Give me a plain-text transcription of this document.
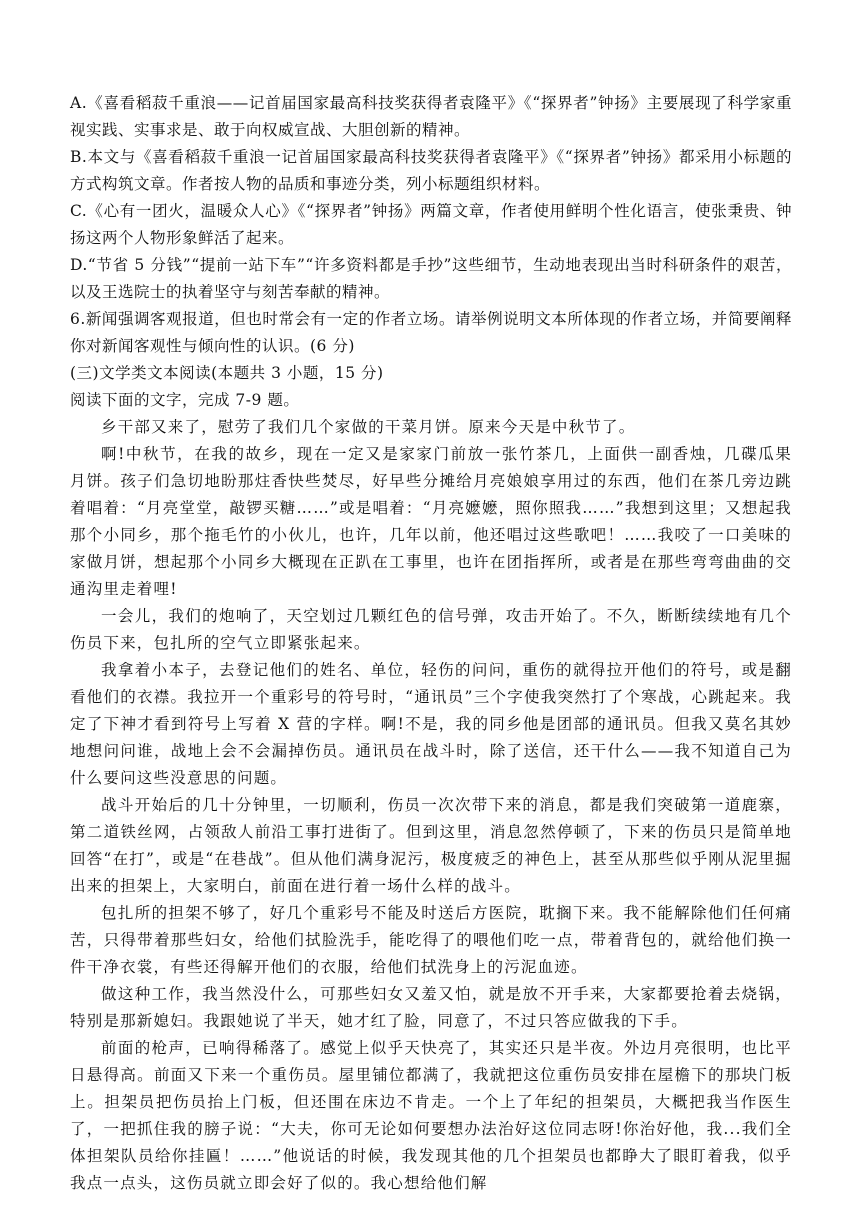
A.《喜看稻菽千重浪——记首届国家最高科技奖获得者袁隆平》《“探界者”钟扬》主要展现了科学家重视实践、实事求是、敢于向权威宣战、大胆创新的精神。

B.本文与《喜看稻菽千重浪一记首届国家最高科技奖获得者袁隆平》《“探界者”钟扬》都采用小标题的方式构筑文章。作者按人物的品质和事迹分类，列小标题组织材料。

C.《心有一团火，温暖众人心》《“探界者”钟扬》两篇文章，作者使用鲜明个性化语言，使张秉贵、钟扬这两个人物形象鲜活了起来。

D.“节省 5 分钱”“提前一站下车”“许多资料都是手抄”这些细节，生动地表现出当时科研条件的艰苦，以及王选院士的执着坚守与刻苦奉献的精神。

6.新闻强调客观报道，但也时常会有一定的作者立场。请举例说明文本所体现的作者立场，并简要阐释你对新闻客观性与倾向性的认识。(6 分)

(三)文学类文本阅读(本题共 3 小题，15 分)

阅读下面的文字，完成 7-9 题。

乡干部又来了，慰劳了我们几个家做的干菜月饼。原来今天是中秋节了。

啊!中秋节，在我的故乡，现在一定又是家家门前放一张竹茶几，上面供一副香烛，几碟瓜果月饼。孩子们急切地盼那炷香快些焚尽，好早些分摊给月亮娘娘享用过的东西，他们在茶几旁边跳着唱着：“月亮堂堂，敲锣买糖……”或是唱着：“月亮嬷嬷，照你照我……”我想到这里；又想起我那个小同乡，那个拖毛竹的小伙儿，也许，几年以前，他还唱过这些歌吧！……我咬了一口美味的家做月饼，想起那个小同乡大概现在正趴在工事里，也许在团指挥所，或者是在那些弯弯曲曲的交通沟里走着哩!

一会儿，我们的炮响了，天空划过几颗红色的信号弹，攻击开始了。不久，断断续续地有几个伤员下来，包扎所的空气立即紧张起来。

我拿着小本子，去登记他们的姓名、单位，轻伤的问问，重伤的就得拉开他们的符号，或是翻看他们的衣襟。我拉开一个重彩号的符号时，“通讯员”三个字使我突然打了个寒战，心跳起来。我定了下神才看到符号上写着 X 营的字样。啊!不是，我的同乡他是团部的通讯员。但我又莫名其妙地想问问谁，战地上会不会漏掉伤员。通讯员在战斗时，除了送信，还干什么——我不知道自己为什么要问这些没意思的问题。

战斗开始后的几十分钟里，一切顺利，伤员一次次带下来的消息，都是我们突破第一道鹿寨，第二道铁丝网，占领敌人前沿工事打进街了。但到这里，消息忽然停顿了，下来的伤员只是简单地回答“在打”，或是“在巷战”。但从他们满身泥污，极度疲乏的神色上，甚至从那些似乎刚从泥里掘出来的担架上，大家明白，前面在进行着一场什么样的战斗。

包扎所的担架不够了，好几个重彩号不能及时送后方医院，耽搁下来。我不能解除他们任何痛苦，只得带着那些妇女，给他们拭脸洗手，能吃得了的喂他们吃一点，带着背包的，就给他们换一件干净衣裳，有些还得解开他们的衣服，给他们拭洗身上的污泥血迹。

做这种工作，我当然没什么，可那些妇女又羞又怕，就是放不开手来，大家都要抢着去烧锅，特别是那新媳妇。我跟她说了半天，她才红了脸，同意了，不过只答应做我的下手。

前面的枪声，已响得稀落了。感觉上似乎天快亮了，其实还只是半夜。外边月亮很明，也比平日悬得高。前面又下来一个重伤员。屋里铺位都满了，我就把这位重伤员安排在屋檐下的那块门板上。担架员把伤员抬上门板，但还围在床边不肯走。一个上了年纪的担架员，大概把我当作医生了，一把抓住我的膀子说：“大夫，你可无论如何要想办法治好这位同志呀!你治好他，我...我们全体担架队员给你挂匾！……”他说话的时候，我发现其他的几个担架员也都睁大了眼盯着我，似乎我点一点头，这伤员就立即会好了似的。我心想给他们解
